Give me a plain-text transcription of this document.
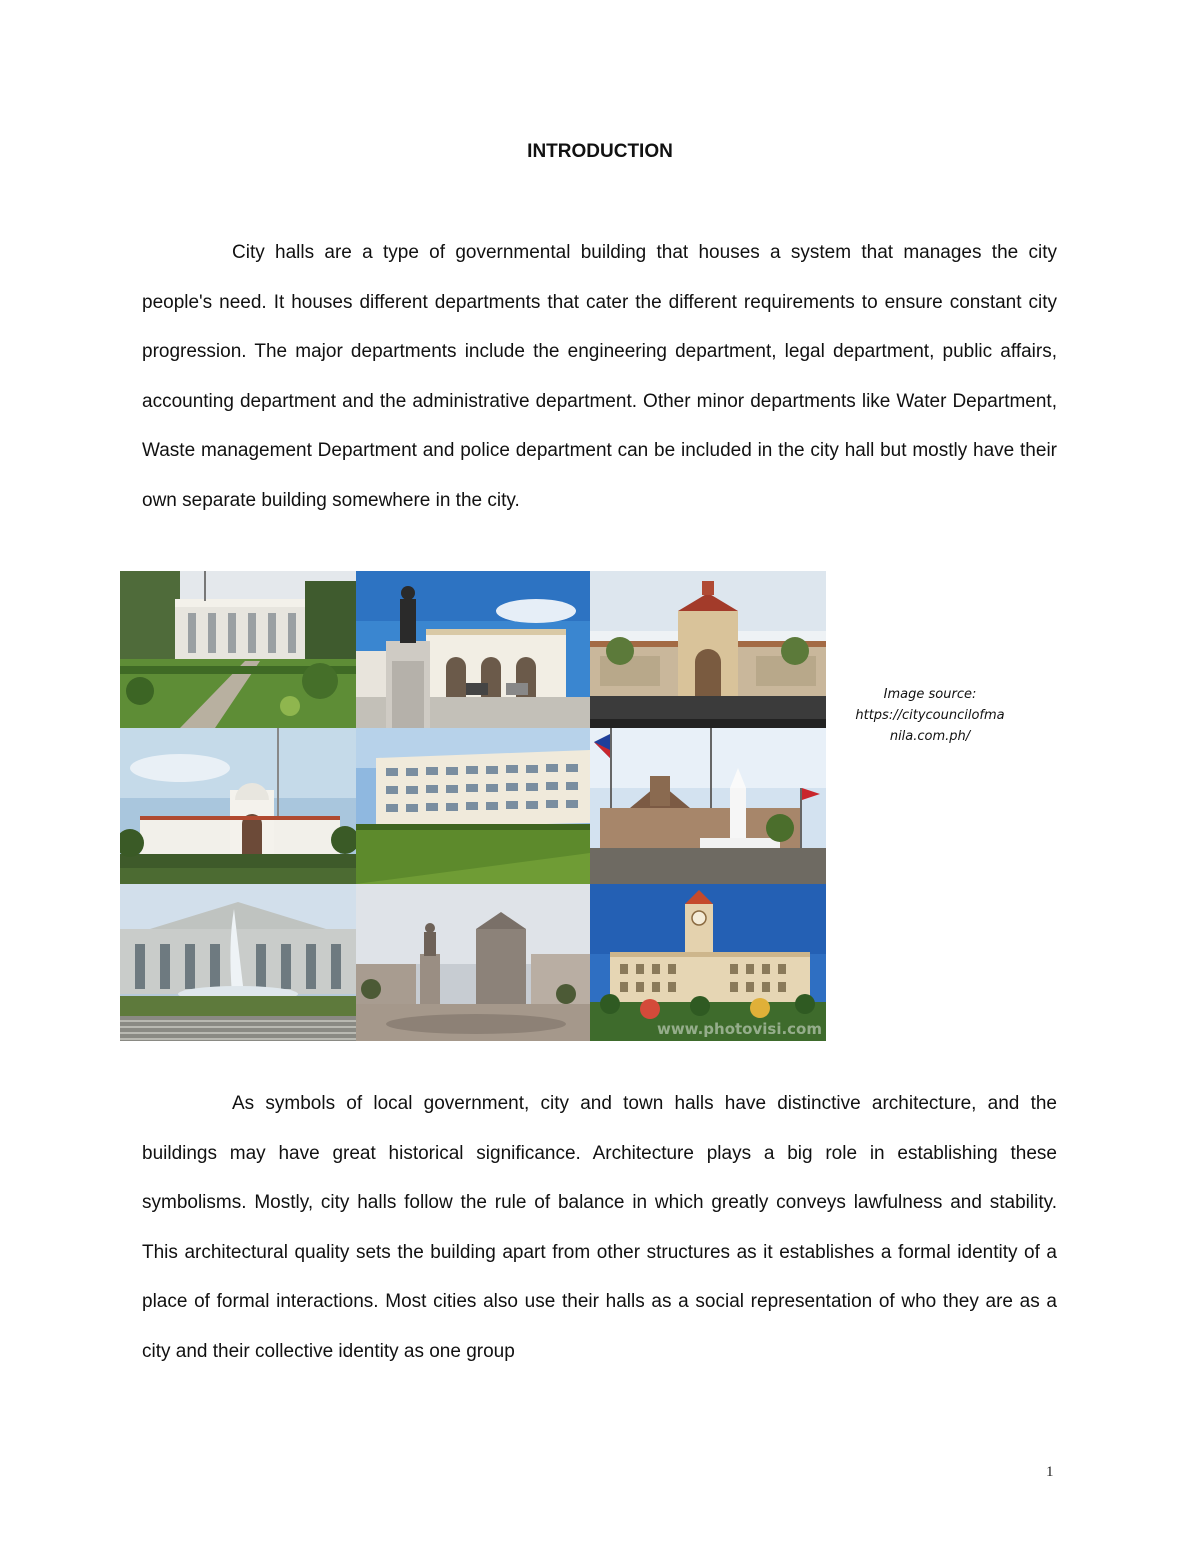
INTRODUCTION

City halls are a type of governmental building that houses a system that manages the city people's need. It houses different departments that cater the different requirements to ensure constant city progression. The major departments include the engineering department, legal department, public affairs, accounting department and the administrative department. Other minor departments like Water Department, Waste management Department and police department can be included in the city hall but mostly have their own separate building somewhere in the city.

www.photovisi.com
Image source:
https://citycouncilofma
nila.com.ph/

As symbols of local government, city and town halls have distinctive architecture, and the buildings may have great historical significance. Architecture plays a big role in establishing these symbolisms. Mostly, city halls follow the rule of balance in which greatly conveys lawfulness and stability. This architectural quality sets the building apart from other structures as it establishes a formal identity of a place of formal interactions. Most cities also use their halls as a social representation of who they are as a city and their collective identity as one group

1
